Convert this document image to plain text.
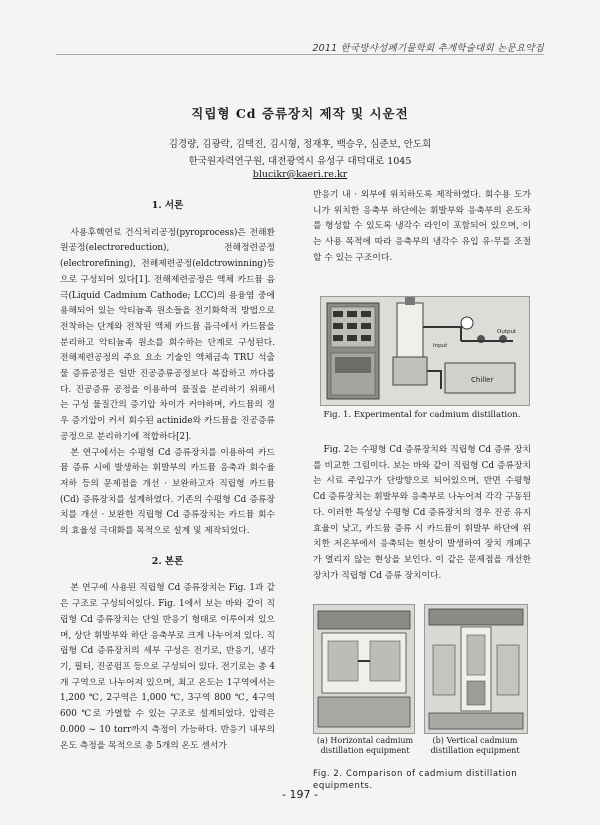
2011 한국방사성폐기물학회 추계학술대회 논문요약집
직립형 Cd 증류장치 제작 및 시운전
김경량, 김광락, 김택진, 김시형, 정재후, 백승우, 심준보, 안도희
한국원자력연구원, 대전광역시 유성구 대덕대로 1045
blucikr@kaeri.re.kr
1. 서론

사용후핵연료 건식처리공정(pyroprocess)은 전해환원공정(electroreduction), 전해정련공정(electrorefining), 전해제련공정(eldctrowinning)등으로 구성되어 있다[1]. 전해제련공정은 액체 카드뮴 음극(Liquid Cadmium Cathode; LCC)의 용융염 중에 용해되어 있는 악티늄족 원소들을 전기화학적 방법으로 전착하는 단계와 전착된 액체 카드뮴 음극에서 카드뮴을 분리하고 악티늄족 원소를 회수하는 단계로 구성된다. 전해제련공정의 주요 요소 기술인 액체금속 TRU 석출물 증류공정은 일반 진공증류공정보다 복잡하고 까다롭다. 진공증류 공정을 이용하여 물질을 분리하기 위해서는 구성 물질간의 증기압 차이가 커야하며, 카드뮴의 경우 증기압이 커서 회수된 actinide와 카드뮴을 진공증류 공정으로 분리하기에 적합하다[2].

본 연구에서는 수평형 Cd 증류장치를 이용하여 카드뮴 증류 시에 발생하는 휘발부의 카드뮴 응축과 회수율 저하 등의 문제점을 개선 · 보완하고자 직립형 카드뮴(Cd) 증류장치를 설계하였다. 기존의 수평형 Cd 증류장치를 개선 · 보완한 직립형 Cd 증류장치는 카드뮴 회수의 효율성 극대화를 목적으로 설계 및 제작되었다.

2. 본론

본 연구에 사용된 직립형 Cd 증류장치는 Fig. 1과 같은 구조로 구성되어있다. Fig. 1에서 보는 바와 같이 직립형 Cd 증류장치는 단일 반응기 형태로 이루어져 있으며, 상단 휘발부와 하단 응축부로 크게 나누어져 있다. 직립형 Cd 증류장치의 세부 구성은 전기로, 반응기, 냉각기, 필터, 진공펌프 등으로 구성되어 있다. 전기로는 총 4개 구역으로 나누어져 있으며, 최고 온도는 1구역에서는 1,200 ℃, 2구역은 1,000 ℃, 3구역 800 ℃, 4구역 600 ℃로 가열할 수 있는 구조로 설계되었다. 압력은 0.000 ~ 10 torr까지 측정이 가능하다. 반응기 내부의 온도 측정을 목적으로 총 5개의 온도 센서가

반응기 내 · 외부에 위치하도록 제작하였다. 회수용 도가니가 위치한 응축부 하단에는 휘발부와 응축부의 온도차를 형성할 수 있도록 냉각수 라인이 포함되어 있으며, 이는 사용 목적에 따라 응축부의 냉각수 유입 유·무를 조절할 수 있는 구조이다.

Chiller
Input
Output
Fig. 1. Experimental for cadmium distillation.

Fig. 2는 수평형 Cd 증류장치와 직립형 Cd 증류 장치를 비교한 그림이다. 보는 바와 같이 직립형 Cd 증류장치는 시료 주입구가 단방향으로 되어있으며, 반면 수평형 Cd 증류장치는 휘발부와 응축부로 나누어져 각각 구동된다. 이러한 특성상 수평형 Cd 증류장치의 경우 진공 유지 효율이 낮고, 카드뮴 증류 시 카드뮴이 휘발부 하단에 위치한 저온부에서 응축되는 현상이 발생하여 장치 개폐구가 열리지 않는 현상을 보인다. 이 같은 문제점을 개선한 장치가 직립형 Cd 증류 장치이다.

(a) Horizontal cadmium distillation equipment
(b) Vertical cadmium distillation equipment
Fig. 2. Comparison of cadmium distillation equipments.
- 197 -
